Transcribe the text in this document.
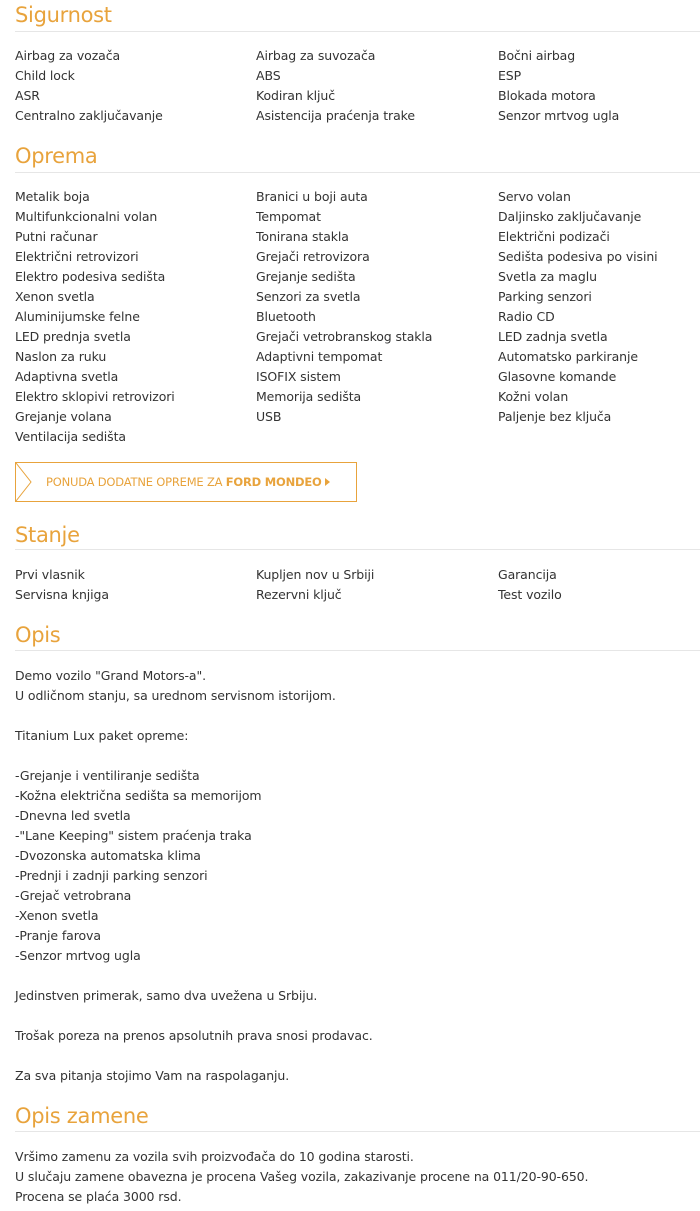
Sigurnost
Airbag za vozača	Airbag za suvozača	Bočni airbag
Child lock	ABS	ESP
ASR	Kodiran ključ	Blokada motora
Centralno zaključavanje	Asistencija praćenja trake	Senzor mrtvog ugla
Oprema
Metalik boja	Branici u boji auta	Servo volan
Multifunkcionalni volan	Tempomat	Daljinsko zaključavanje
Putni računar	Tonirana stakla	Električni podizači
Električni retrovizori	Grejači retrovizora	Sedišta podesiva po visini
Elektro podesiva sedišta	Grejanje sedišta	Svetla za maglu
Xenon svetla	Senzori za svetla	Parking senzori
Aluminijumske felne	Bluetooth	Radio CD
LED prednja svetla	Grejači vetrobranskog stakla	LED zadnja svetla
Naslon za ruku	Adaptivni tempomat	Automatsko parkiranje
Adaptivna svetla	ISOFIX sistem	Glasovne komande
Elektro sklopivi retrovizori	Memorija sedišta	Kožni volan
Grejanje volana	USB	Paljenje bez ključa
Ventilacija sedišta
PONUDA DODATNE OPREME ZA FORD MONDEO
Stanje
Prvi vlasnik	Kupljen nov u Srbiji	Garancija
Servisna knjiga	Rezervni ključ	Test vozilo
Opis
Demo vozilo "Grand Motors-a".
U odličnom stanju, sa urednom servisnom istorijom.
Titanium Lux paket opreme:
-Grejanje i ventiliranje sedišta
-Kožna električna sedišta sa memorijom
-Dnevna led svetla
-"Lane Keeping" sistem praćenja traka
-Dvozonska automatska klima
-Prednji i zadnji parking senzori
-Grejač vetrobrana
-Xenon svetla
-Pranje farova
-Senzor mrtvog ugla
Jedinstven primerak, samo dva uvežena u Srbiju.
Trošak poreza na prenos apsolutnih prava snosi prodavac.
Za sva pitanja stojimo Vam na raspolaganju.
Opis zamene
Vršimo zamenu za vozila svih proizvođača do 10 godina starosti.
U slučaju zamene obavezna je procena Vašeg vozila, zakazivanje procene na 011/20-90-650.
Procena se plaća 3000 rsd.
